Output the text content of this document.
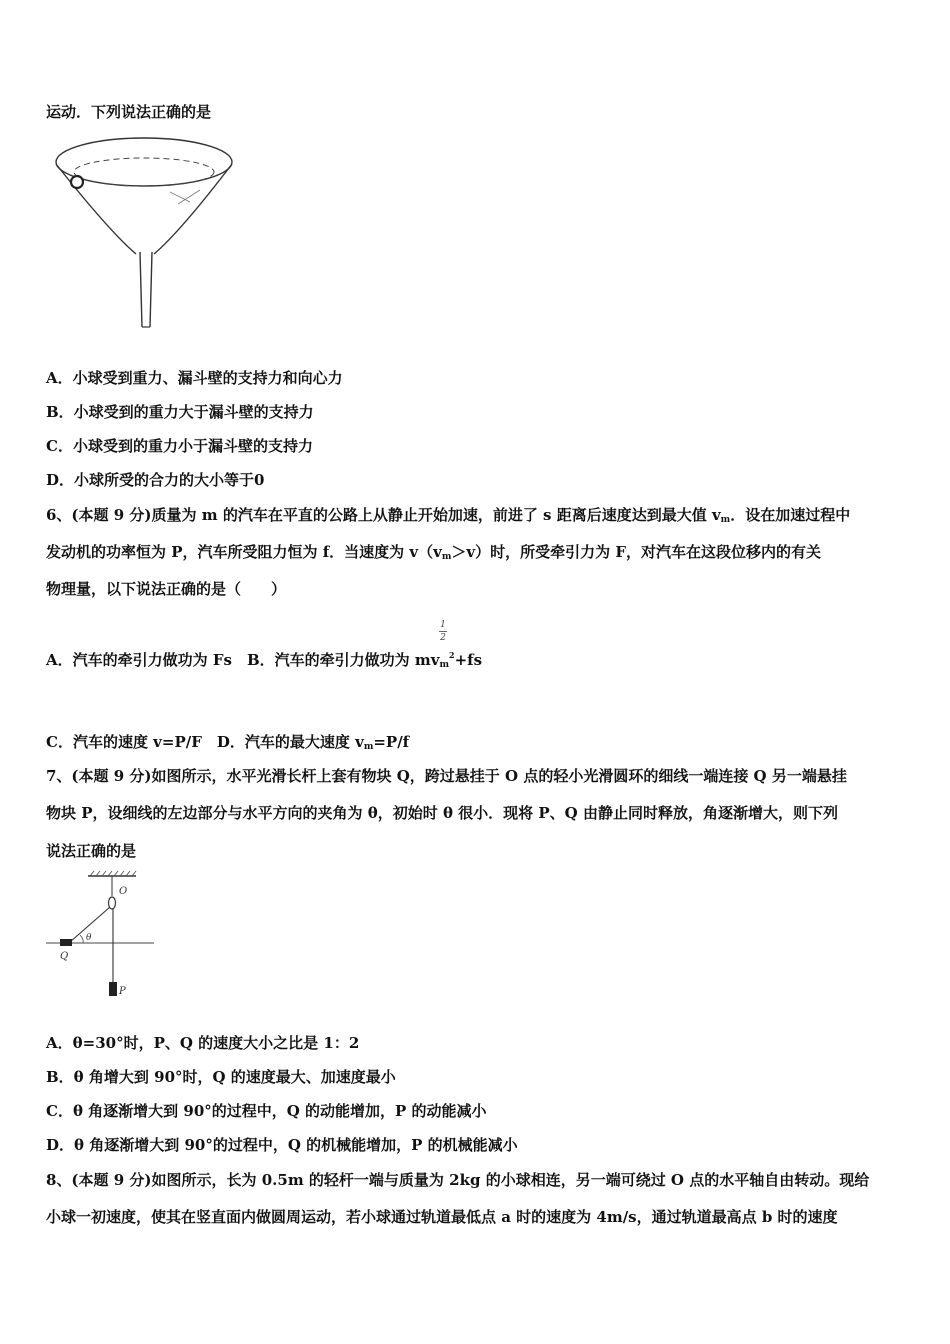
运动．下列说法正确的是
A．小球受到重力、漏斗壁的支持力和向心力
B．小球受到的重力大于漏斗壁的支持力
C．小球受到的重力小于漏斗壁的支持力
D．小球所受的合力的大小等于0
6、(本题 9 分)质量为 m 的汽车在平直的公路上从静止开始加速，前进了 s 距离后速度达到最大值 $v_m$．设在加速过程中
发动机的功率恒为 P，汽车所受阻力恒为 f．当速度为 $v(v_m>v)$时，所受牵引力为 F，对汽车在这段位移内的有关
物理量，以下说法正确的是（　　）
1
2
A．汽车的牵引力做功为 Fs　B．汽车的牵引力做功为 $mv_m^2+fs$
C．汽车的速度 v=P/F　D．汽车的最大速度 $v_m=P/f$
7、(本题 9 分)如图所示，水平光滑长杆上套有物块 Q，跨过悬挂于 O 点的轻小光滑圆环的细线一端连接 Q 另一端悬挂
物块 P，设细线的左边部分与水平方向的夹角为 θ，初始时 θ 很小．现将 P、Q 由静止同时释放，角逐渐增大，则下列
说法正确的是
θ
O
Q
P
A．θ=30°时，P、Q 的速度大小之比是 1：2
B．θ 角增大到 90°时，Q 的速度最大、加速度最小
C．θ 角逐渐增大到 90°的过程中，Q 的动能增加，P 的动能减小
D．θ 角逐渐增大到 90°的过程中，Q 的机械能增加，P 的机械能减小
8、(本题 9 分)如图所示，长为 0.5m 的轻杆一端与质量为 2kg 的小球相连，另一端可绕过 O 点的水平轴自由转动。现给
小球一初速度，使其在竖直面内做圆周运动，若小球通过轨道最低点 a 时的速度为 4m/s，通过轨道最高点 b 时的速度
